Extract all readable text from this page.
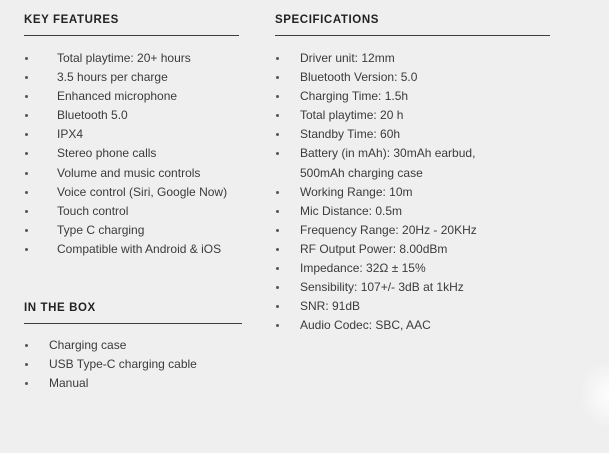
KEY FEATURES
Total playtime: 20+ hours
3.5 hours per charge
Enhanced microphone
Bluetooth 5.0
IPX4
Stereo phone calls
Volume and music controls
Voice control (Siri, Google Now)
Touch control
Type C charging
Compatible with Android & iOS
IN THE BOX
Charging case
USB Type-C charging cable
Manual
SPECIFICATIONS
Driver unit: 12mm
Bluetooth Version: 5.0
Charging Time: 1.5h
Total playtime: 20 h
Standby Time: 60h
Battery (in mAh): 30mAh earbud, 500mAh charging case
Working Range: 10m
Mic Distance: 0.5m
Frequency Range: 20Hz - 20KHz
RF Output Power: 8.00dBm
Impedance: 32Ω ± 15%
Sensibility: 107+/- 3dB at 1kHz
SNR: 91dB
Audio Codec: SBC, AAC
